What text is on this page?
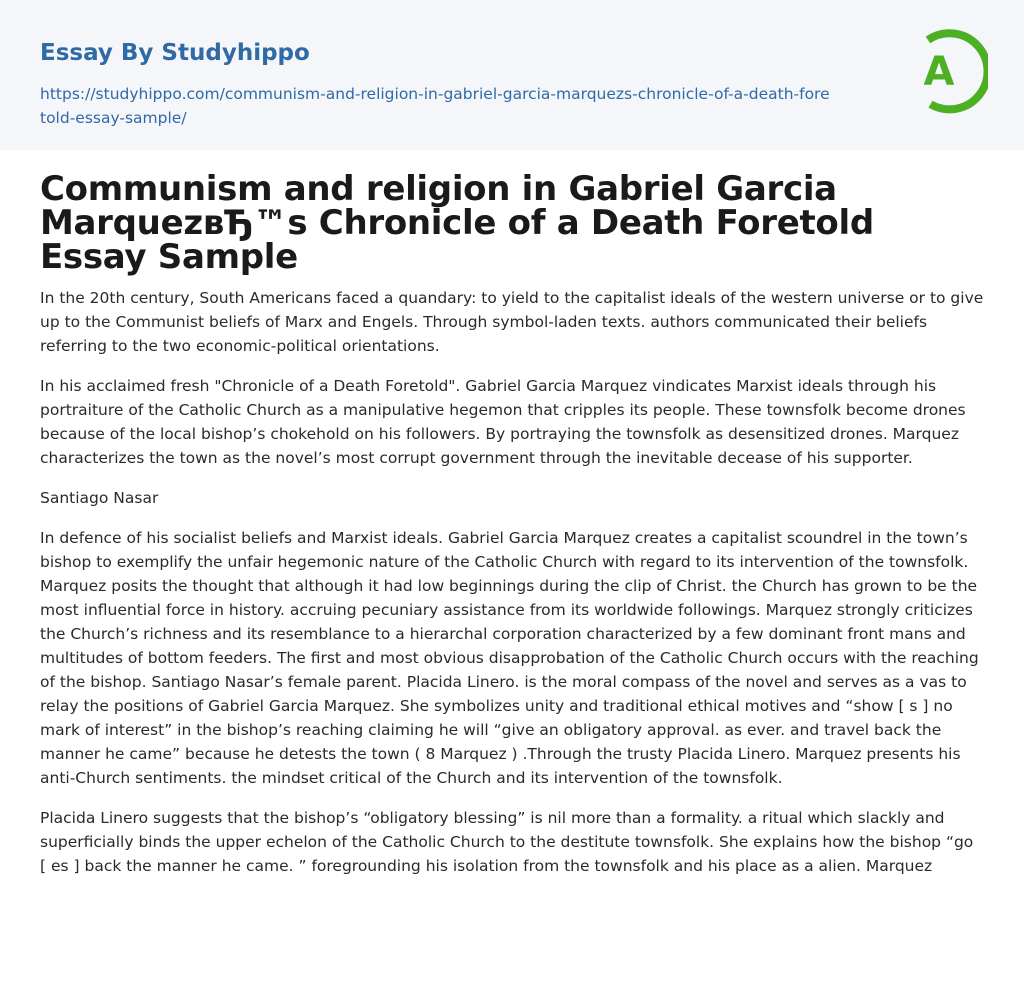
Essay By Studyhippo
https://studyhippo.com/communism-and-religion-in-gabriel-garcia-marquezs-chronicle-of-a-death-foretold-essay-sample/
A
Communism and religion in Gabriel Garcia MarquezвЂ™s Chronicle of a Death Foretold Essay Sample

In the 20th century, South Americans faced a quandary: to yield to the capitalist ideals of the western universe or to give up to the Communist beliefs of Marx and Engels. Through symbol-laden texts. authors communicated their beliefs referring to the two economic-political orientations.

In his acclaimed fresh "Chronicle of a Death Foretold". Gabriel Garcia Marquez vindicates Marxist ideals through his portraiture of the Catholic Church as a manipulative hegemon that cripples its people. These townsfolk become drones because of the local bishop’s chokehold on his followers. By portraying the townsfolk as desensitized drones. Marquez characterizes the town as the novel’s most corrupt government through the inevitable decease of his supporter.

Santiago Nasar

In defence of his socialist beliefs and Marxist ideals. Gabriel Garcia Marquez creates a capitalist scoundrel in the town’s bishop to exemplify the unfair hegemonic nature of the Catholic Church with regard to its intervention of the townsfolk. Marquez posits the thought that although it had low beginnings during the clip of Christ. the Church has grown to be the most influential force in history. accruing pecuniary assistance from its worldwide followings. Marquez strongly criticizes the Church’s richness and its resemblance to a hierarchal corporation characterized by a few dominant front mans and multitudes of bottom feeders. The first and most obvious disapprobation of the Catholic Church occurs with the reaching of the bishop. Santiago Nasar’s female parent. Placida Linero. is the moral compass of the novel and serves as a vas to relay the positions of Gabriel Garcia Marquez. She symbolizes unity and traditional ethical motives and “show [ s ] no mark of interest” in the bishop’s reaching claiming he will “give an obligatory approval. as ever. and travel back the manner he came” because he detests the town ( 8 Marquez ) .Through the trusty Placida Linero. Marquez presents his anti-Church sentiments. the mindset critical of the Church and its intervention of the townsfolk.

Placida Linero suggests that the bishop’s “obligatory blessing” is nil more than a formality. a ritual which slackly and superficially binds the upper echelon of the Catholic Church to the destitute townsfolk. She explains how the bishop “go [ es ] back the manner he came. ” foregrounding his isolation from the townsfolk and his place as a alien. Marquez
